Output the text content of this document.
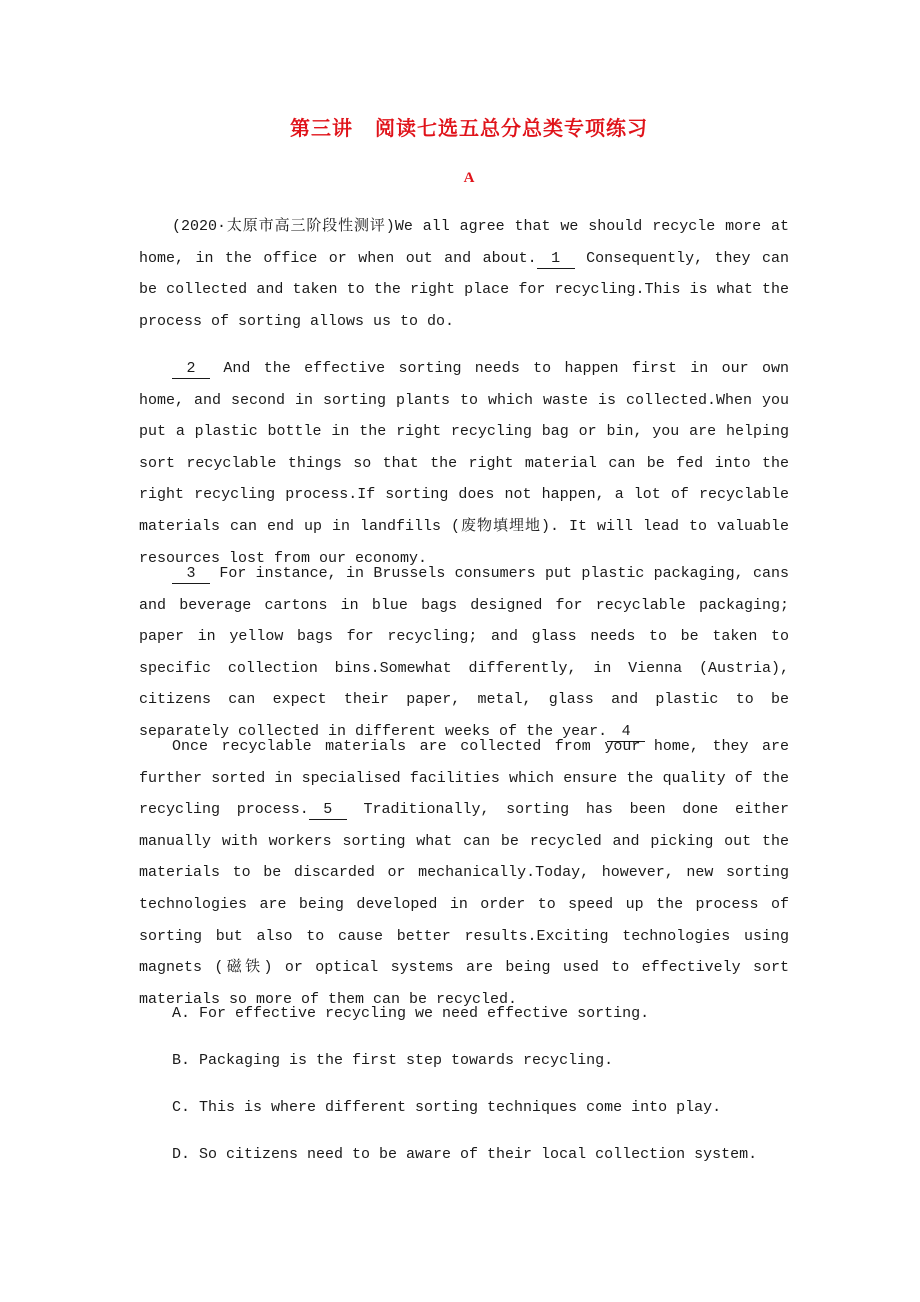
第三讲 阅读七选五总分总类专项练习
A

(2020·太原市高三阶段性测评)We all agree that we should recycle more at home, in the office or when out and about. 1 Consequently, they can be collected and taken to the right place for recycling.This is what the process of sorting allows us to do.

2 And the effective sorting needs to happen first in our own home, and second in sorting plants to which waste is collected.When you put a plastic bottle in the right recycling bag or bin, you are helping sort recyclable things so that the right material can be fed into the right recycling process.If sorting does not happen, a lot of recyclable materials can end up in landfills (废物填埋地). It will lead to valuable resources lost from our economy.

3 For instance, in Brussels consumers put plastic packaging, cans and beverage cartons in blue bags designed for recyclable packaging; paper in yellow bags for recycling; and glass needs to be taken to specific collection bins.Somewhat differently, in Vienna (Austria), citizens can expect their paper, metal, glass and plastic to be separately collected in different weeks of the year. 4

Once recyclable materials are collected from your home, they are further sorted in specialised facilities which ensure the quality of the recycling process. 5 Traditionally, sorting has been done either manually with workers sorting what can be recycled and picking out the materials to be discarded or mechanically.Today, however, new sorting technologies are being developed in order to speed up the process of sorting but also to cause better results.Exciting technologies using magnets (磁铁) or optical systems are being used to effectively sort materials so more of them can be recycled.

A. For effective recycling we need effective sorting.

B. Packaging is the first step towards recycling.

C. This is where different sorting techniques come into play.

D. So citizens need to be aware of their local collection system.
